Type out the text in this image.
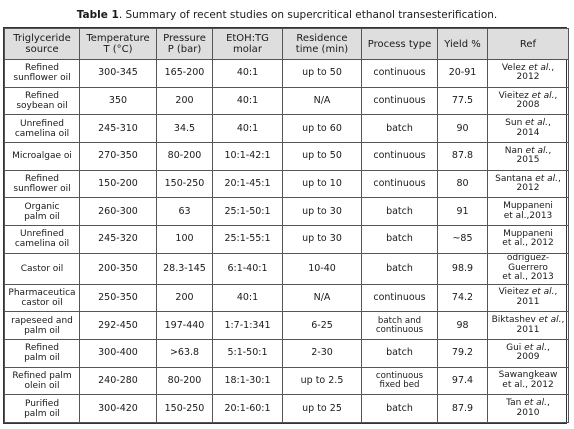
Table 1. Summary of recent studies on supercritical ethanol transesterification.
Triglyceride
source	Temperature
T (°C)	Pressure
P (bar)	EtOH:TG
molar	Residence
time (min)	Process type	Yield %	Ref
Refined
sunflower oil	300-345	165-200	40:1	up to 50	continuous	20-91	Velez et al.,
2012
Refined
soybean oil	350	200	40:1	N/A	continuous	77.5	Vieitez et al.,
2008
Unrefined
camelina oil	245-310	34.5	40:1	up to 60	batch	90	Sun et al.,
2014
Microalgae oi	270-350	80-200	10:1-42:1	up to 50	continuous	87.8	Nan et al.,
2015
Refined
sunflower oil	150-200	150-250	20:1-45:1	up to 10	continuous	80	Santana et al.,
2012
Organic
palm oil	260-300	63	25:1-50:1	up to 30	batch	91	Muppaneni
et al.,2013
Unrefined
camelina oil	245-320	100	25:1-55:1	up to 30	batch	~85	Muppaneni
et al., 2012
Castor oil	200-350	28.3-145	6:1-40:1	10-40	batch	98.9	odríguez-Guerrero
et al., 2013
Pharmaceutica
castor oil	250-350	200	40:1	N/A	continuous	74.2	Vieitez et al.,
2011
rapeseed and
palm oil	292-450	197-440	1:7-1:341	6-25	batch and
continuous	98	Biktashev et al.,
2011
Refined
palm oil	300-400	>63.8	5:1-50:1	2-30	batch	79.2	Gui et al.,
2009
Refined palm
olein oil	240-280	80-200	18:1-30:1	up to 2.5	continuous
fixed bed	97.4	Sawangkeaw
et al., 2012
Purified
palm oil	300-420	150-250	20:1-60:1	up to 25	batch	87.9	Tan et al.,
2010
